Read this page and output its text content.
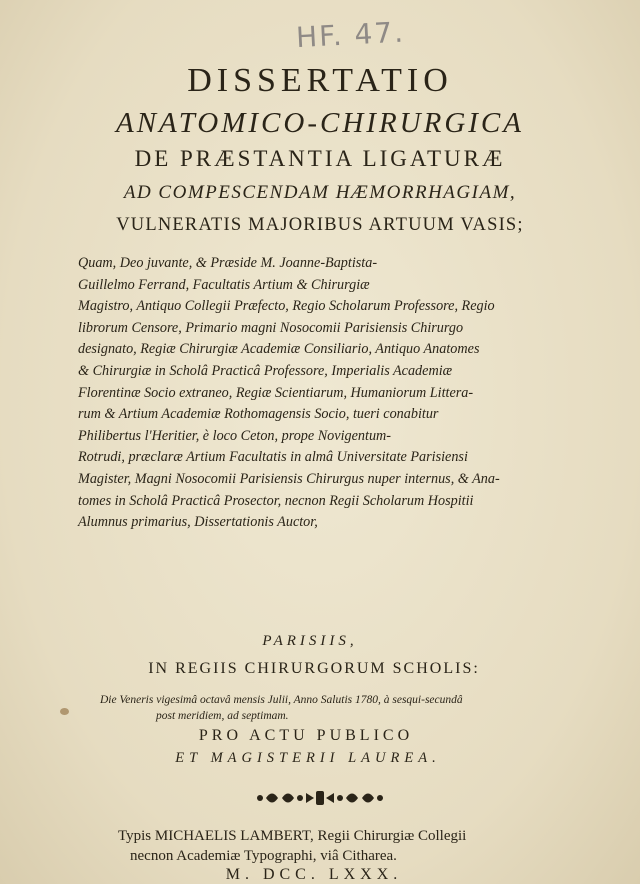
HF. 47.
DISSERTATIO
ANATOMICO-CHIRURGICA
DE PRÆSTANTIA LIGATURÆ
AD COMPESCENDAM HÆMORRHAGIAM,
VULNERATIS MAJORIBUS ARTUUM VASIS;
Quam, Deo juvante, & Præside M. Joanne-Baptista-
Guillelmo Ferrand, Facultatis Artium & Chirurgiæ
Magistro, Antiquo Collegii Præfecto, Regio Scholarum Professore, Regio
librorum Censore, Primario magni Nosocomii Parisiensis Chirurgo
designato, Regiæ Chirurgiæ Academiæ Consiliario, Antiquo Anatomes
& Chirurgiæ in Scholâ Practicâ Professore, Imperialis Academiæ
Florentinæ Socio extraneo, Regiæ Scientiarum, Humaniorum Littera-
rum & Artium Academiæ Rothomagensis Socio, tueri conabitur
Philibertus l'Heritier, è loco Ceton, prope Novigentum-
Rotrudi, præclaræ Artium Facultatis in almâ Universitate Parisiensi
Magister, Magni Nosocomii Parisiensis Chirurgus nuper internus, & Ana-
tomes in Scholâ Practicâ Prosector, necnon Regii Scholarum Hospitii
Alumnus primarius, Dissertationis Auctor,
PARISIIS,
IN REGIIS CHIRURGORUM SCHOLIS:
Die Veneris vigesimâ octavâ mensis Julii, Anno Salutis 1780, à sesqui-secundâ
post meridiem, ad septimam.
PRO ACTU PUBLICO
ET MAGISTERII LAUREA.
Typis MICHAELIS LAMBERT, Regii Chirurgiæ Collegii
necnon Academiæ Typographi, viâ Citharea.
M. DCC. LXXX.
